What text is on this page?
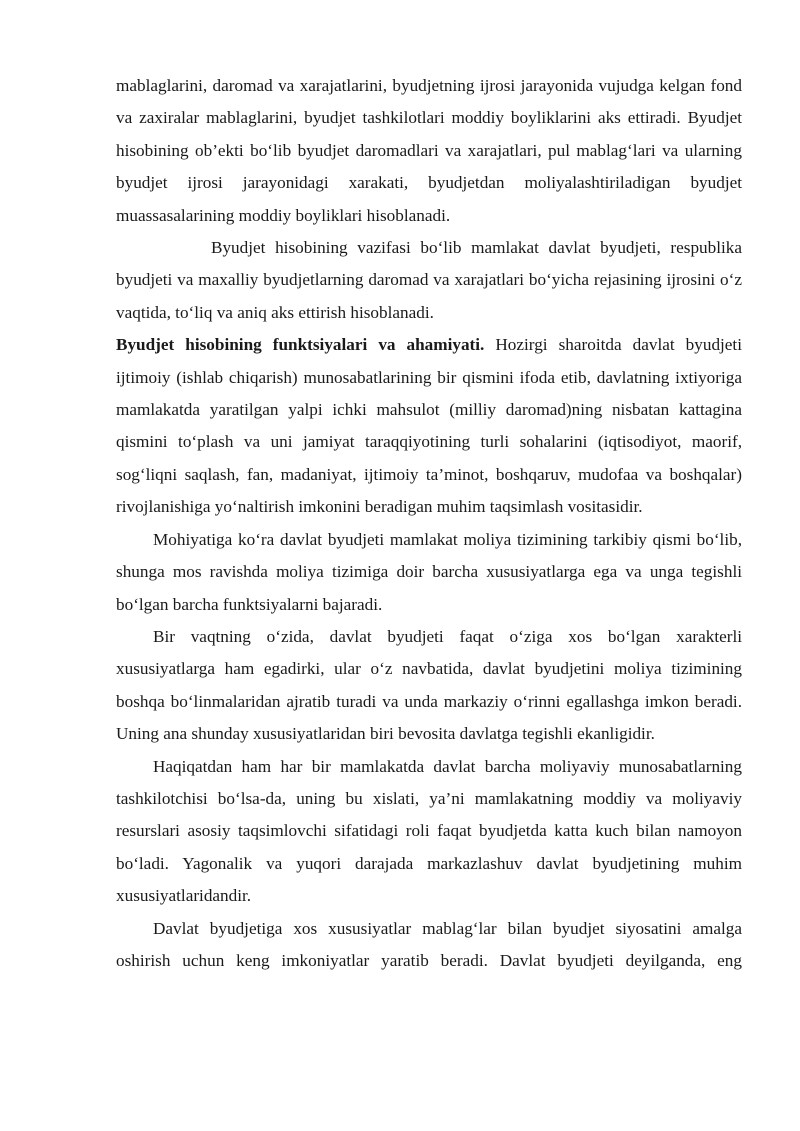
mablaglarini, daromad va xarajatlarini, byudjetning ijrosi jarayonida vujudga kelgan fond va zaxiralar mablaglarini, byudjet tashkilotlari moddiy boyliklarini aks ettiradi. Byudjet hisobining ob’ekti bo‘lib byudjet daromadlari va xarajatlari, pul mablag‘lari va ularning byudjet ijrosi jarayonidagi xarakati, byudjetdan moliyalashtiriladigan byudjet muassasalarining moddiy boyliklari hisoblanadi.

Byudjet hisobining vazifasi bo‘lib mamlakat davlat byudjeti, respublika byudjeti va maxalliy byudjetlarning daromad va xarajatlari bo‘yicha rejasining ijrosini o‘z vaqtida, to‘liq va aniq aks ettirish hisoblanadi.

Byudjet hisobining funktsiyalari va ahamiyati. Hozirgi sharoitda davlat byudjeti ijtimoiy (ishlab chiqarish) munosabatlarining bir qismini ifoda etib, davlatning ixtiyoriga mamlakatda yaratilgan yalpi ichki mahsulot (milliy daromad)ning nisbatan kattagina qismini to‘plash va uni jamiyat taraqqiyotining turli sohalarini (iqtisodiyot, maorif, sog‘liqni saqlash, fan, madaniyat, ijtimoiy ta’minot, boshqaruv, mudofaa va boshqalar) rivojlanishiga yo‘naltirish imkonini beradigan muhim taqsimlash vositasidir.

Mohiyatiga ko‘ra davlat byudjeti mamlakat moliya tizimining tarkibiy qismi bo‘lib, shunga mos ravishda moliya tizimiga doir barcha xususiyatlarga ega va unga tegishli bo‘lgan barcha funktsiyalarni bajaradi.

Bir vaqtning o‘zida, davlat byudjeti faqat o‘ziga xos bo‘lgan xarakterli xususiyatlarga ham egadirki, ular o‘z navbatida, davlat byudjetini moliya tizimining boshqa bo‘linmalaridan ajratib turadi va unda markaziy o‘rinni egallashga imkon beradi. Uning ana shunday xususiyatlaridan biri bevosita davlatga tegishli ekanligidir.

Haqiqatdan ham har bir mamlakatda davlat barcha moliyaviy munosabatlarning tashkilotchisi bo‘lsa-da, uning bu xislati, ya’ni mamlakatning moddiy va moliyaviy resurslari asosiy taqsimlovchi sifatidagi roli faqat byudjetda katta kuch bilan namoyon bo‘ladi. Yagonalik va yuqori darajada markazlashuv davlat byudjetining muhim xususiyatlaridandir.

Davlat byudjetiga xos xususiyatlar mablag‘lar bilan byudjet siyosatini amalga oshirish uchun keng imkoniyatlar yaratib beradi. Davlat byudjeti deyilganda, eng
